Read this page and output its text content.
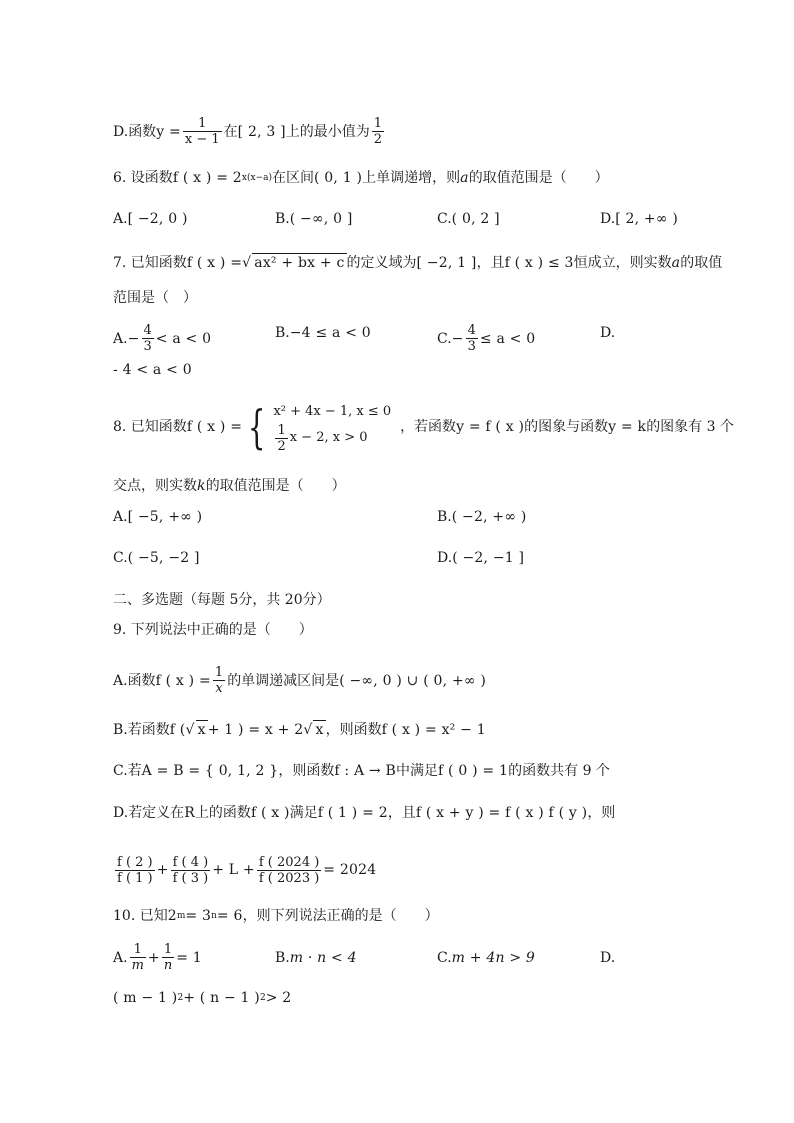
D. 函数 $y = \frac{1}{x - 1}$ 在 [ 2, 3 ] 上的最小值为 $\frac{1}{2}$
6. 设函数 f ( x ) = 2 x(x−a) 在区间 ( 0, 1 ) 上单调递增，则 a 的取值范围是（　　）
A. [ −2, 0 )	B. ( −∞, 0 ]	C. ( 0, 2 ]	D. [ 2, +∞ )
7. 已知函数 f ( x ) = √ ax² + bx + c 的定义域为 [ −2, 1 ] ，且 f ( x ) ≤ 3 恒成立，则实数 a 的取值
范围是（　）
A. − $\frac{4}{3} < a < 0$	B. −4 ≤ a < 0	C. − $\frac{4}{3} \le a < 0$	D.
- 4 < a < 0
8. 已知函数 f ( x ) = { x² + 4x − 1, x ≤ 0
$\frac{1}{2}$ x − 2, x > 0
，若函数 y = f ( x ) 的图象与函数 y = k 的图象有 3 个
交点，则实数 k 的取值范围是（　　）
A. [ −5, +∞ )	B. ( −2, +∞ )
C. ( −5, −2 ]	D. ( −2, −1 ]
二、多选题（每题 5分，共 20分）
9. 下列说法中正确的是（　　）
A. 函数 f ( x ) = $\frac{1}{x}$ 的单调递减区间是 ( −∞, 0 ) ∪ ( 0, +∞ )
B. 若函数 f ( √ x + 1 ) = x + 2 √ x ，则函数 f ( x ) = x² − 1
C. 若 A = B = { 0, 1, 2 } ，则函数 f : A → B 中满足 f ( 0 ) = 1 的函数共有 9 个
D. 若定义在 R 上的函数 f ( x ) 满足 f ( 1 ) = 2 ，且 f ( x + y ) = f ( x ) f ( y ) ，则
$\frac{f ( 2 )}{f ( 1 )} + \frac{f ( 4 )}{f ( 3 )} + L + \frac{f ( 2024 )}{f ( 2023 )} = 2024$
10. 已知 2 m = 3 n = 6 ，则下列说法正确的是（　　）
A. $\frac{1}{m} + \frac{1}{n} = 1$	B. m · n < 4	C. m + 4n > 9	D.
( m − 1 ) 2 + ( n − 1 ) 2 > 2
